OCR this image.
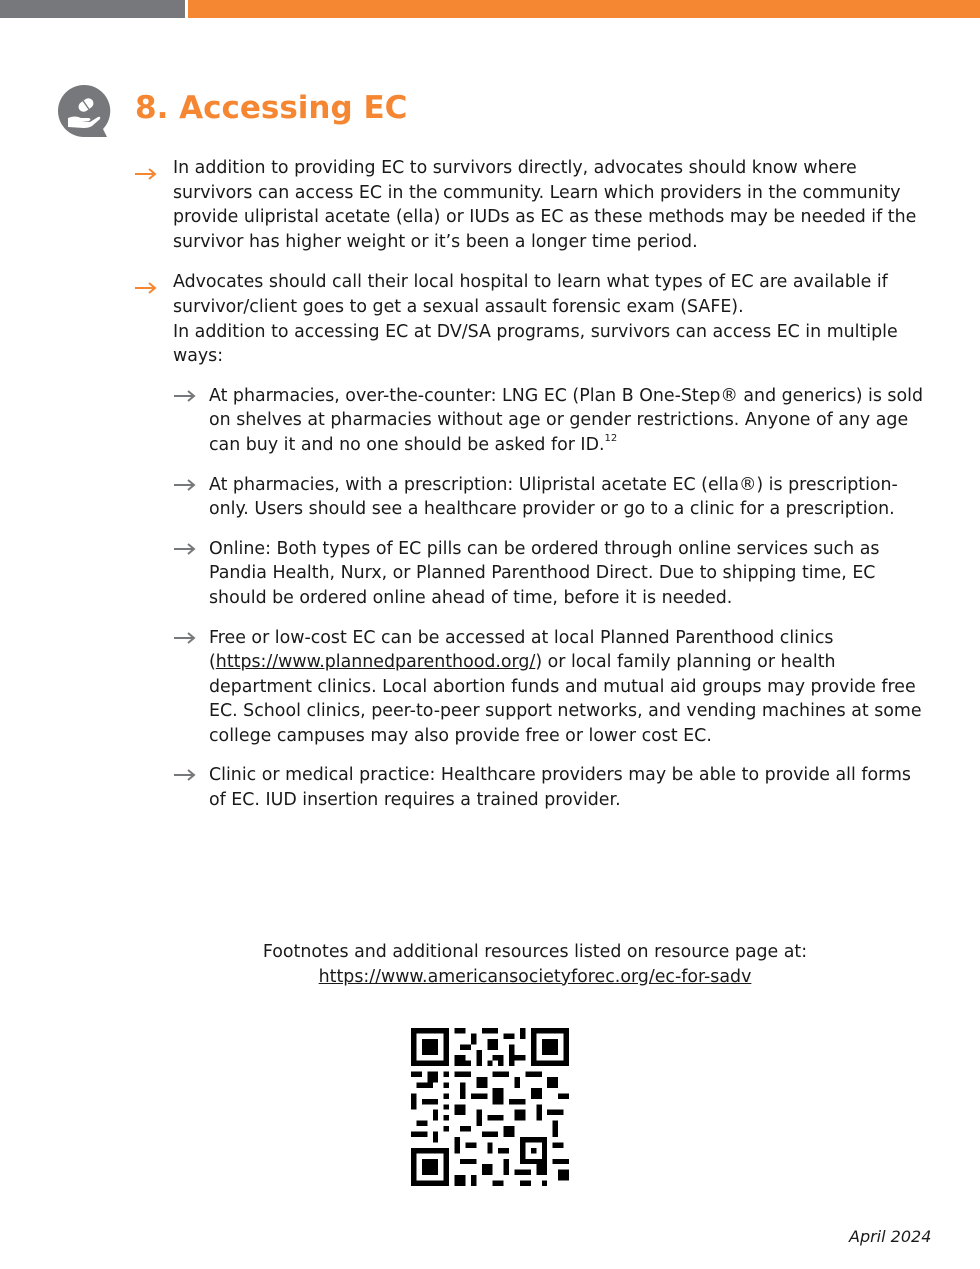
8. Accessing EC
In addition to providing EC to survivors directly, advocates should know where survivors can access EC in the community. Learn which providers in the community provide ulipristal acetate (ella) or IUDs as EC as these methods may be needed if the survivor has higher weight or it’s been a longer time period.
Advocates should call their local hospital to learn what types of EC are available if survivor/client goes to get a sexual assault forensic exam (SAFE).
In addition to accessing EC at DV/SA programs, survivors can access EC in multiple ways:
At pharmacies, over-the-counter: LNG EC (Plan B One-Step® and generics) is sold on shelves at pharmacies without age or gender restrictions. Anyone of any age can buy it and no one should be asked for ID.$^{12}$
At pharmacies, with a prescription: Ulipristal acetate EC (ella®) is prescription-only. Users should see a healthcare provider or go to a clinic for a prescription.
Online: Both types of EC pills can be ordered through online services such as Pandia Health, Nurx, or Planned Parenthood Direct. Due to shipping time, EC should be ordered online ahead of time, before it is needed.
Free or low-cost EC can be accessed at local Planned Parenthood clinics (https://www.plannedparenthood.org/) or local family planning or health department clinics. Local abortion funds and mutual aid groups may provide free EC. School clinics, peer-to-peer support networks, and vending machines at some college campuses may also provide free or lower cost EC.
Clinic or medical practice: Healthcare providers may be able to provide all forms of EC. IUD insertion requires a trained provider.
Footnotes and additional resources listed on resource page at:
https://www.americansocietyforec.org/ec-for-sadv
April 2024
